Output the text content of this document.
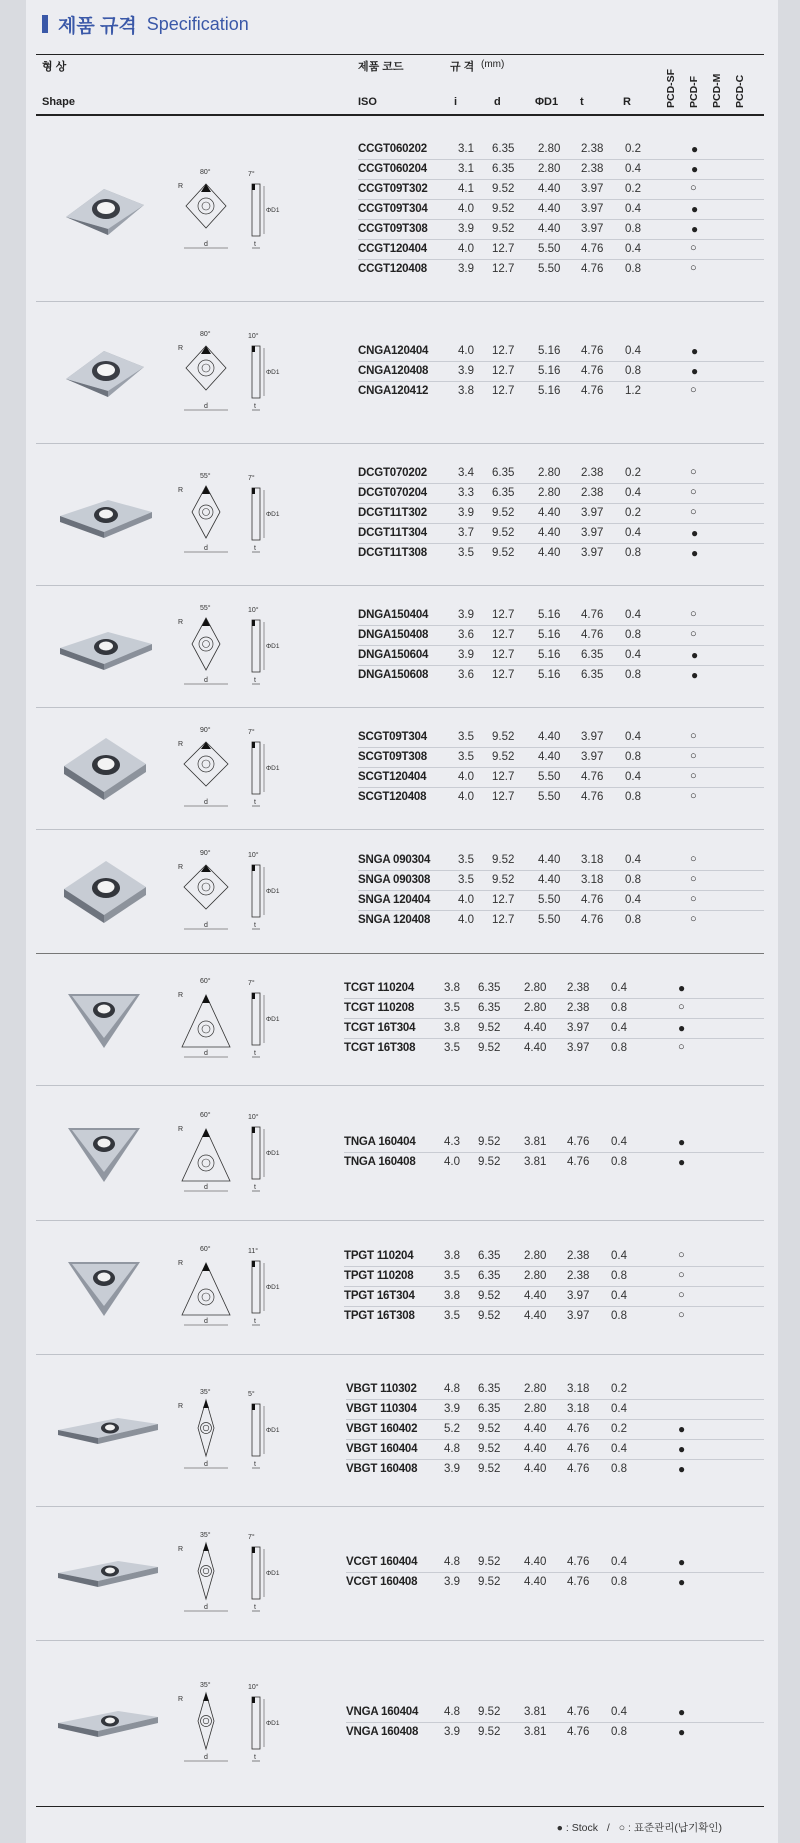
제품 규격 Specification
형 상	제품 코드	규 격 (mm)
Shape	ISO	i	d	ΦD1 t	R	PCD-SF PCD-F PCD-M PCD-C
d
R
80°
t
7°
ΦD1
CCGT060202	3.1 6.35 2.80 2.38 0.2	●
CCGT060204	3.1 6.35 2.80 2.38 0.4	●
CCGT09T302	4.1 9.52 4.40 3.97 0.2	○
CCGT09T304	4.0 9.52 4.40 3.97 0.4	●
CCGT09T308	3.9 9.52 4.40 3.97 0.8	●
CCGT120404	4.0 12.7 5.50 4.76 0.4	○
CCGT120408	3.9 12.7 5.50 4.76 0.8	○
d
R
80°
t
10°
ΦD1
CNGA120404	4.0 12.7 5.16 4.76 0.4	●
CNGA120408	3.9 12.7 5.16 4.76 0.8	●
CNGA120412	3.8 12.7 5.16 4.76 1.2	○
d
R
55°
t
7°
ΦD1
DCGT070202	3.4 6.35 2.80 2.38 0.2	○
DCGT070204	3.3 6.35 2.80 2.38 0.4	○
DCGT11T302	3.9 9.52 4.40 3.97 0.2	○
DCGT11T304	3.7 9.52 4.40 3.97 0.4	●
DCGT11T308	3.5 9.52 4.40 3.97 0.8	●
d
R
55°
t
10°
ΦD1
DNGA150404	3.9 12.7 5.16 4.76 0.4	○
DNGA150408	3.6 12.7 5.16 4.76 0.8	○
DNGA150604	3.9 12.7 5.16 6.35 0.4	●
DNGA150608	3.6 12.7 5.16 6.35 0.8	●
d
R
90°
t
7°
ΦD1
SCGT09T304	3.5 9.52 4.40 3.97 0.4	○
SCGT09T308	3.5 9.52 4.40 3.97 0.8	○
SCGT120404	4.0 12.7 5.50 4.76 0.4	○
SCGT120408	4.0 12.7 5.50 4.76 0.8	○
d
R
90°
t
10°
ΦD1
SNGA 090304 3.5 9.52 4.40 3.18 0.4	○
SNGA 090308 3.5 9.52 4.40 3.18 0.8	○
SNGA 120404 4.0 12.7 5.50 4.76 0.4	○
SNGA 120408 4.0 12.7 5.50 4.76 0.8	○
d
R
60°
t
7°
ΦD1
TCGT 110204	3.8 6.35 2.80 2.38 0.4	●
TCGT 110208	3.5 6.35 2.80 2.38 0.8	○
TCGT 16T304 3.8 9.52 4.40 3.97 0.4	●
TCGT 16T308 3.5 9.52 4.40 3.97 0.8	○
d
R
60°
t
10°
ΦD1
TNGA 160404 4.3 9.52 3.81 4.76 0.4	●
TNGA 160408 4.0 9.52 3.81 4.76 0.8	●
d
R
60°
t
11°
ΦD1
TPGT 110204	3.8 6.35 2.80 2.38 0.4	○
TPGT 110208	3.5 6.35 2.80 2.38 0.8	○
TPGT 16T304	3.8 9.52 4.40 3.97 0.4	○
TPGT 16T308	3.5 9.52 4.40 3.97 0.8	○
d
R
35°
t
5°
ΦD1
VBGT 110302 4.8 6.35 2.80 3.18 0.2
VBGT 110304 3.9 6.35 2.80 3.18 0.4
VBGT 160402 5.2 9.52 4.40 4.76 0.2	●
VBGT 160404 4.8 9.52 4.40 4.76 0.4	●
VBGT 160408 3.9 9.52 4.40 4.76 0.8	●
d
R
35°
t
7°
ΦD1
VCGT 160404 4.8 9.52 4.40 4.76 0.4	●
VCGT 160408 3.9 9.52 4.40 4.76 0.8	●
d
R
35°
t
10°
ΦD1
VNGA 160404 4.8 9.52 3.81 4.76 0.4	●
VNGA 160408 3.9 9.52 3.81 4.76 0.8	●
● : Stock / ○ : 표준관리(납기확인)
